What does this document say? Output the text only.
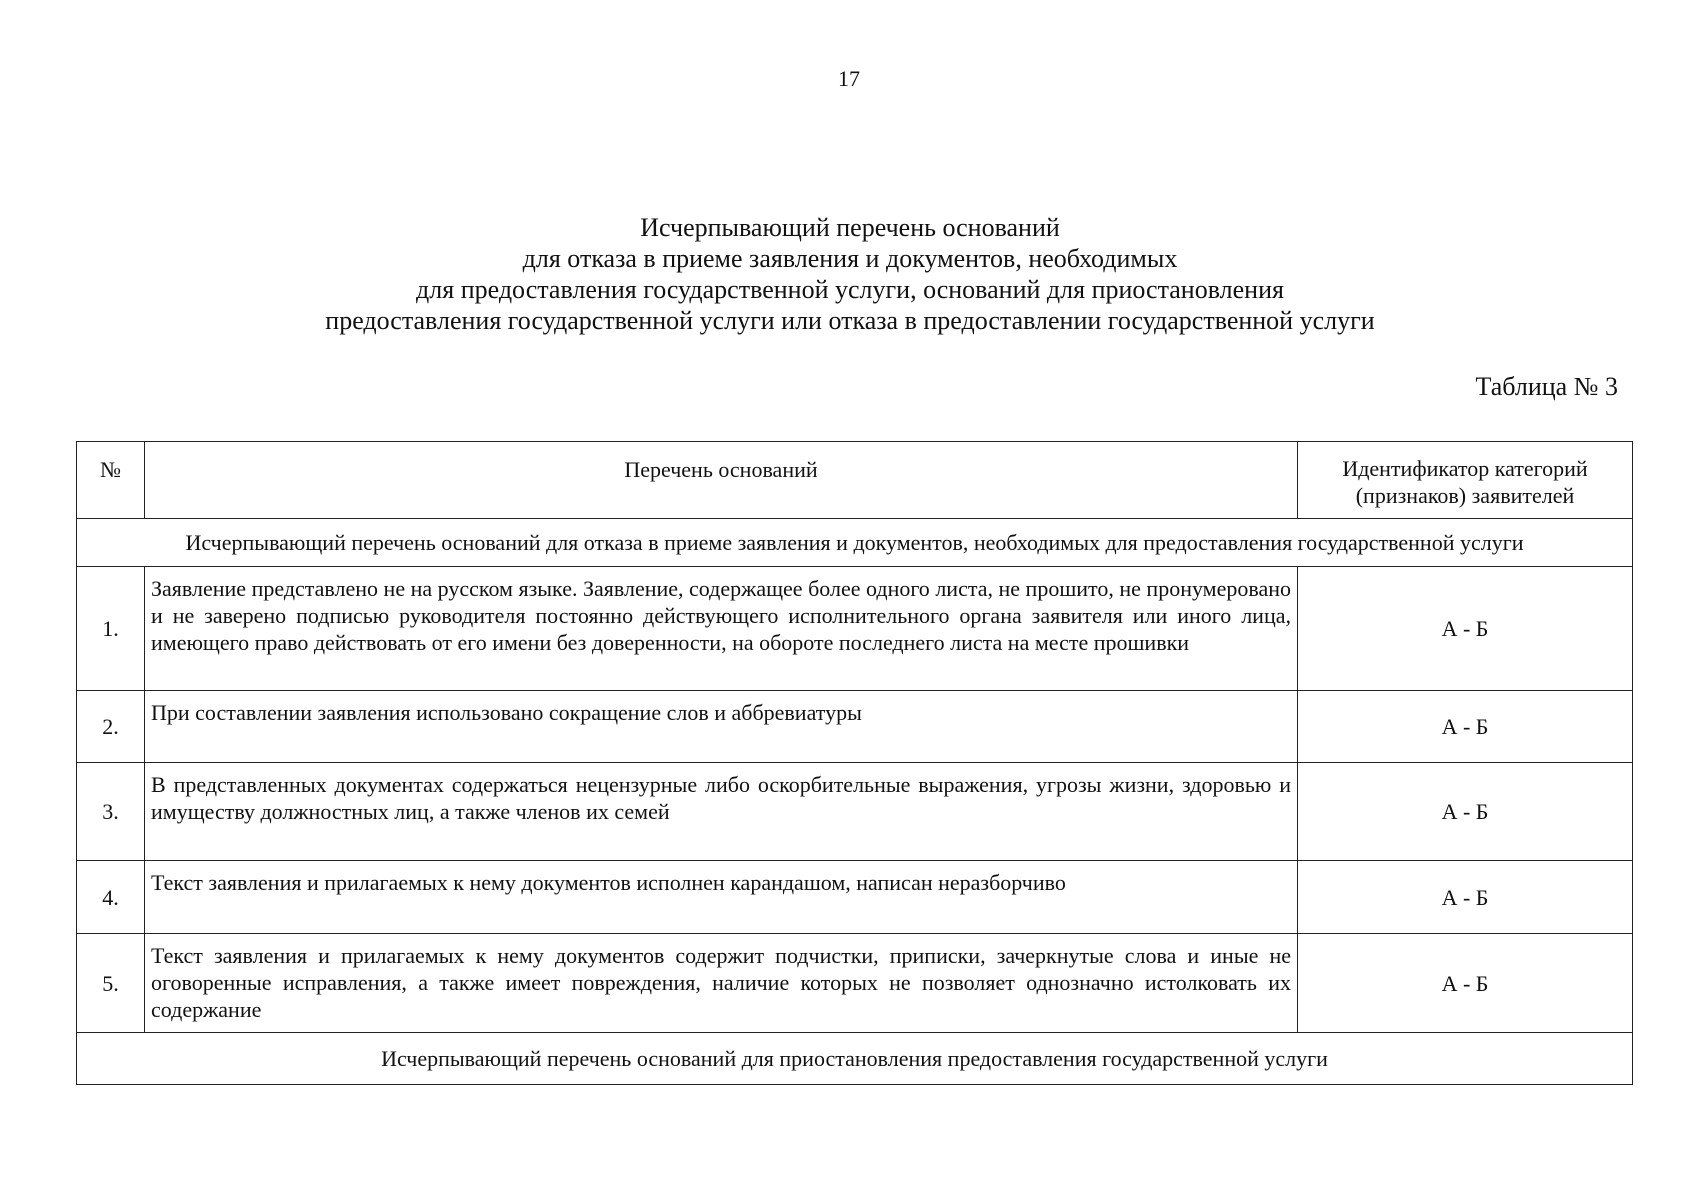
17
Исчерпывающий перечень оснований
для отказа в приеме заявления и документов, необходимых
для предоставления государственной услуги, оснований для приостановления
предоставления государственной услуги или отказа в предоставлении государственной услуги
Таблица № 3
№	Перечень оснований	Идентификатор категорий
(признаков) заявителей

Исчерпывающий перечень оснований для отказа в приеме заявления и документов, необходимых для предоставления государственной услуги		
1.	Заявление представлено не на русском языке. Заявление, содержащее более одного листа, не прошито, не пронумеровано и не заверено подписью руководителя постоянно действующего исполнительного органа заявителя или иного лица, имеющего право действовать от его имени без доверенности, на обороте последнего листа на месте прошивки	А - Б
2.	При составлении заявления использовано сокращение слов и аббревиатуры	А - Б
3.	В представленных документах содержаться нецензурные либо оскорбительные выражения, угрозы жизни, здоровью и имуществу должностных лиц, а также членов их семей	А - Б
4.	Текст заявления и прилагаемых к нему документов исполнен карандашом, написан неразборчиво	А - Б
5.	Текст заявления и прилагаемых к нему документов содержит подчистки, приписки, зачеркнутые слова и иные не оговоренные исправления, а также имеет повреждения, наличие которых не позволяет однозначно истолковать их содержание	А - Б
Исчерпывающий перечень оснований для приостановления предоставления государственной услуги		
